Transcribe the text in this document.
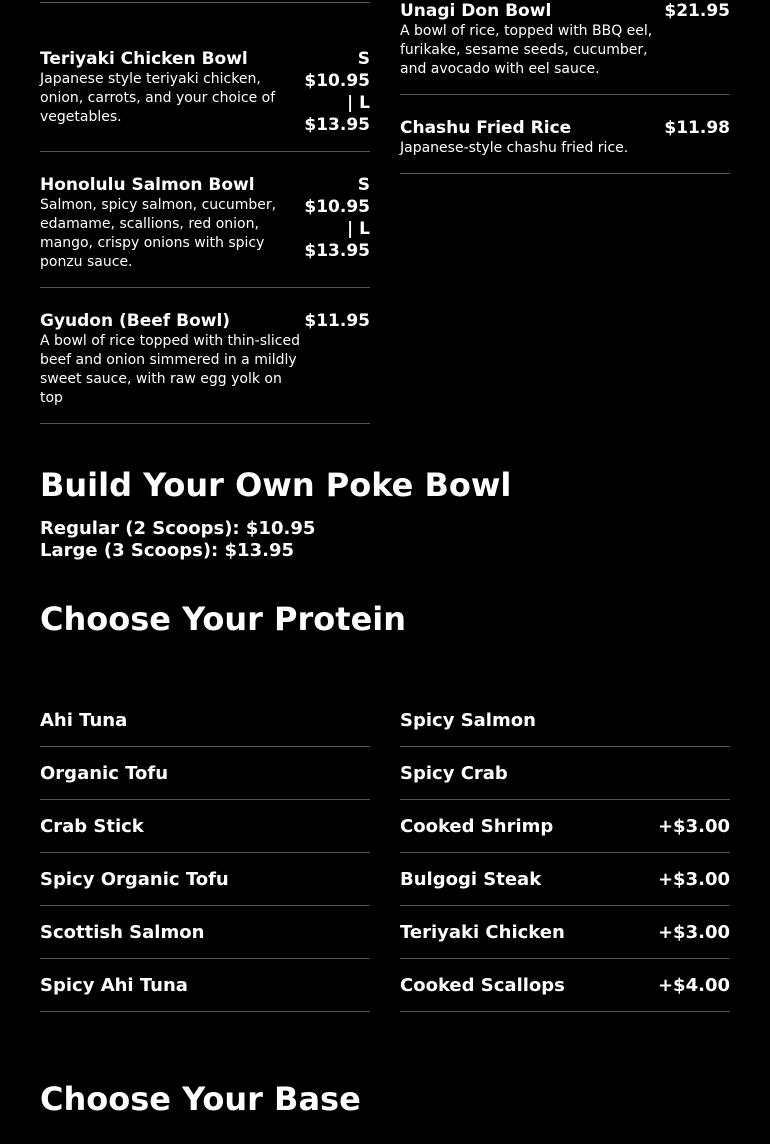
Teriyaki Chicken Bowl
Japanese style teriyaki chicken, onion, carrots, and your choice of vegetables.
S
$10.95
| L
$13.95
Honolulu Salmon Bowl
Salmon, spicy salmon, cucumber, edamame, scallions, red onion, mango, crispy onions with spicy ponzu sauce.
S
$10.95
| L
$13.95
Gyudon (Beef Bowl)
A bowl of rice topped with thin-sliced beef and onion simmered in a mildly sweet sauce, with raw egg yolk on top
$11.95
Unagi Don Bowl
A bowl of rice, topped with BBQ eel, furikake, sesame seeds, cucumber, and avocado with eel sauce.
$21.95
Chashu Fried Rice
Japanese-style chashu fried rice.
$11.98
Build Your Own Poke Bowl
Regular (2 Scoops): $10.95
Large (3 Scoops): $13.95
Choose Your Protein
Ahi Tuna
Organic Tofu
Crab Stick
Spicy Organic Tofu
Scottish Salmon
Spicy Ahi Tuna
Spicy Salmon
Spicy Crab
Cooked Shrimp	+$3.00
Bulgogi Steak	+$3.00
Teriyaki Chicken	+$3.00
Cooked Scallops	+$4.00
Choose Your Base
